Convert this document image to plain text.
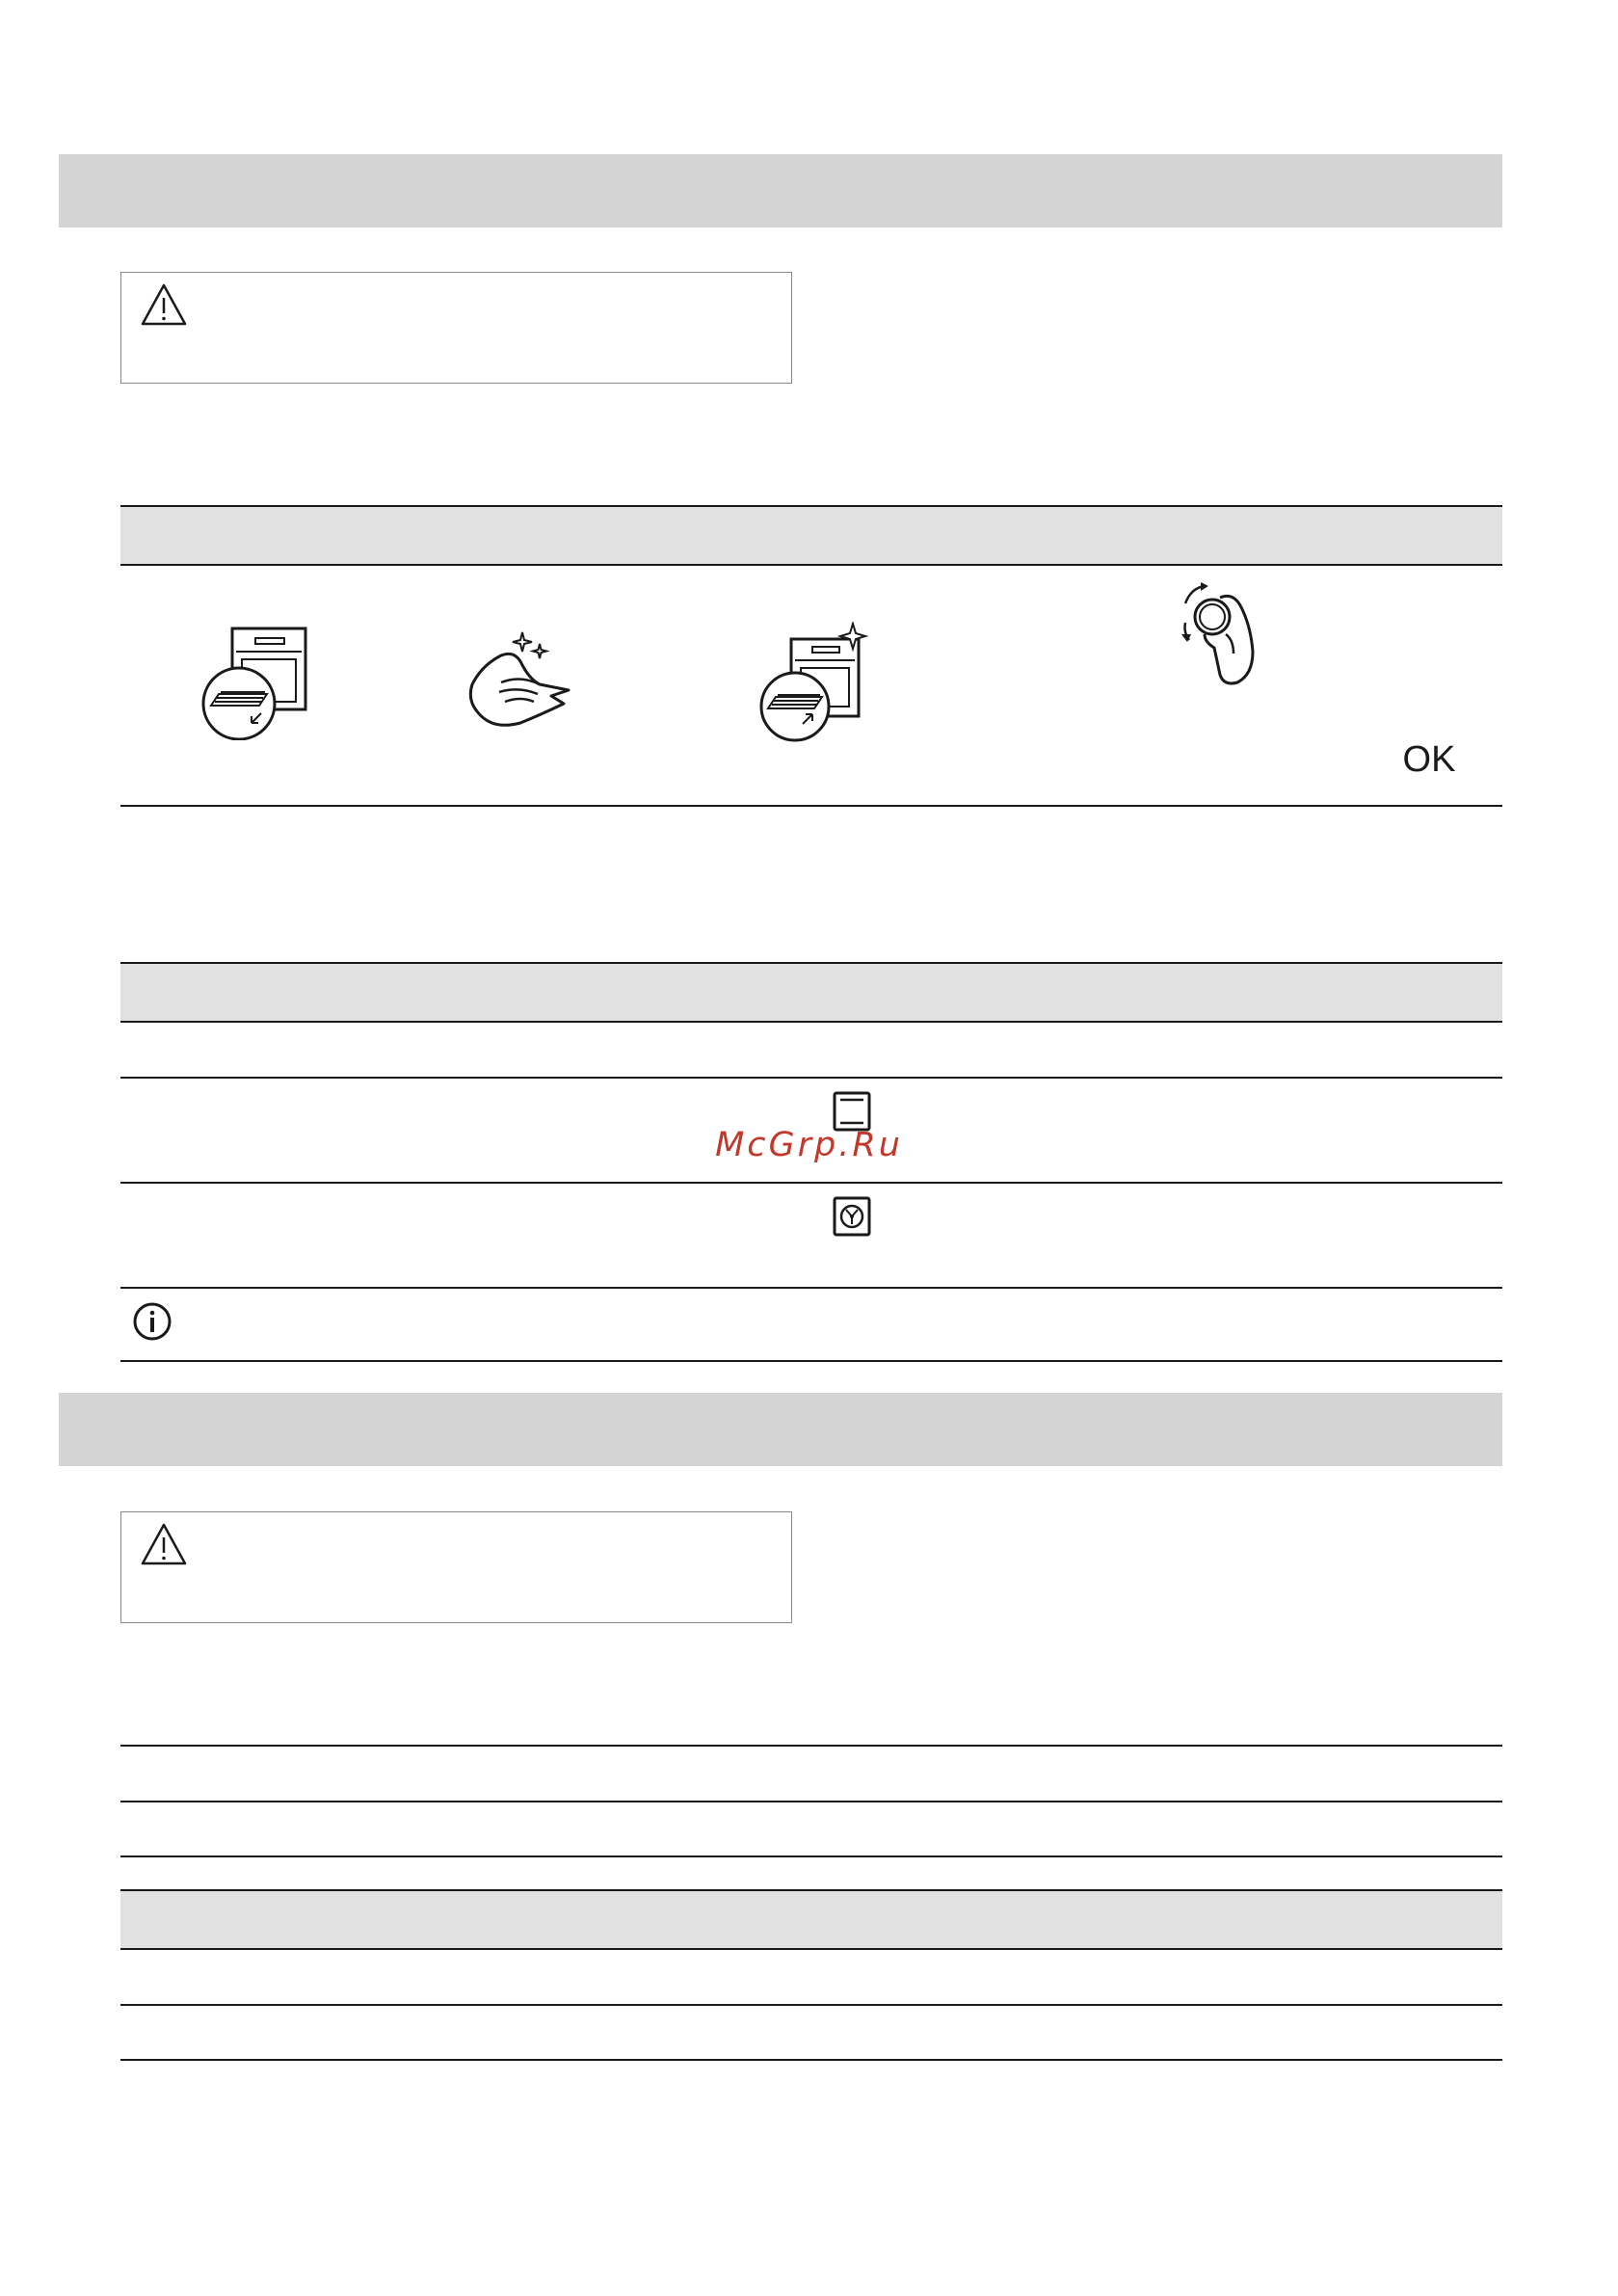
OK
McGrp.Ru
